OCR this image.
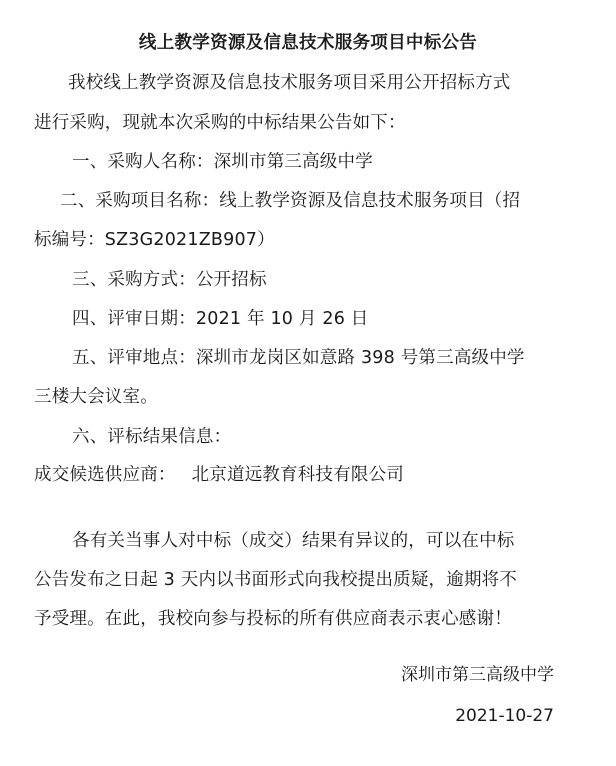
线上教学资源及信息技术服务项目中标公告
我校线上教学资源及信息技术服务项目采用公开招标方式
进行采购，现就本次采购的中标结果公告如下：
一、采购人名称：深圳市第三高级中学
二、采购项目名称：线上教学资源及信息技术服务项目（招
标编号：SZ3G2021ZB907）
三、采购方式：公开招标
四、评审日期：2021 年 10 月 26 日
五、评审地点：深圳市龙岗区如意路 398 号第三高级中学
三楼大会议室。
六、评标结果信息：
成交候选供应商： 北京道远教育科技有限公司
各有关当事人对中标（成交）结果有异议的，可以在中标
公告发布之日起 3 天内以书面形式向我校提出质疑，逾期将不
予受理。在此，我校向参与投标的所有供应商表示衷心感谢！
深圳市第三高级中学
2021-10-27
